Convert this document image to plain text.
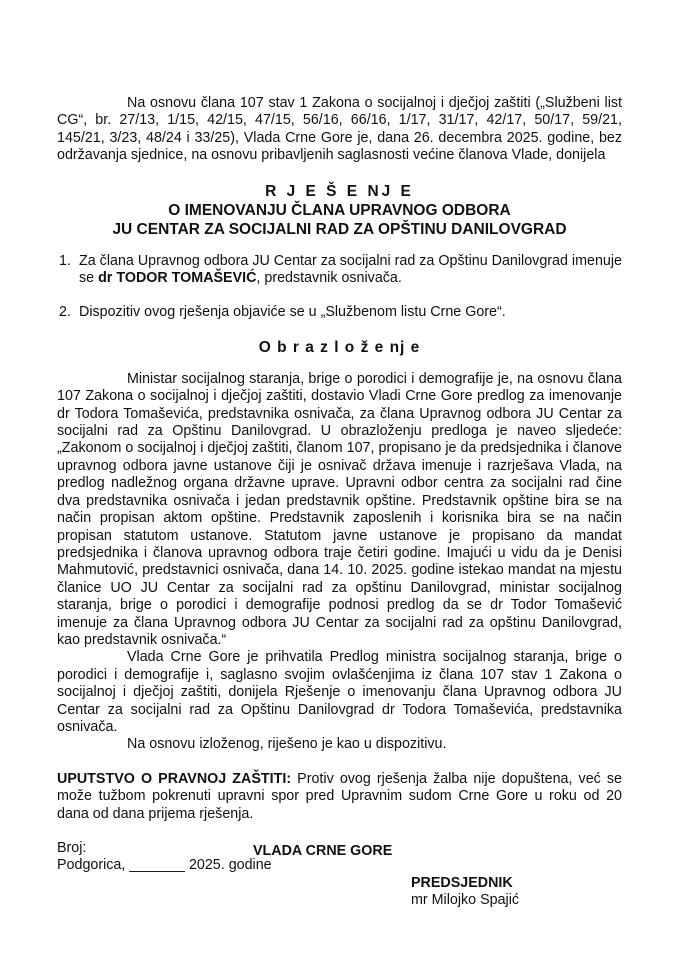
Na osnovu člana 107 stav 1 Zakona o socijalnoj i dječjoj zaštiti („Službeni list CG“, br. 27/13, 1/15, 42/15, 47/15, 56/16, 66/16, 1/17, 31/17, 42/17, 50/17, 59/21, 145/21, 3/23, 48/24 i 33/25), Vlada Crne Gore je, dana 26. decembra 2025. godine, bez održavanja sjednice, na osnovu pribavljenih saglasnosti većine članova Vlade, donijela

R J E Š E NJ E

O IMENOVANJU ČLANA UPRAVNOG ODBORA

JU CENTAR ZA SOCIJALNI RAD ZA OPŠTINU DANILOVGRAD

1. Za člana Upravnog odbora JU Centar za socijalni rad za Opštinu Danilovgrad imenuje se dr TODOR TOMAŠEVIĆ, predstavnik osnivača.
2. Dispozitiv ovog rješenja objaviće se u „Službenom listu Crne Gore“.

O b r a z l o ž e nj e

Ministar socijalnog staranja, brige o porodici i demografije je, na osnovu člana 107 Zakona o socijalnoj i dječjoj zaštiti, dostavio Vladi Crne Gore predlog za imenovanje dr Todora Tomaševića, predstavnika osnivača, za člana Upravnog odbora JU Centar za socijalni rad za Opštinu Danilovgrad. U obrazloženju predloga je naveo sljedeće: „Zakonom o socijalnoj i dječjoj zaštiti, članom 107, propisano je da predsjednika i članove upravnog odbora javne ustanove čiji je osnivač država imenuje i razrješava Vlada, na predlog nadležnog organa državne uprave. Upravni odbor centra za socijalni rad čine dva predstavnika osnivača i jedan predstavnik opštine. Predstavnik opštine bira se na način propisan aktom opštine. Predstavnik zaposlenih i korisnika bira se na način propisan statutom ustanove. Statutom javne ustanove je propisano da mandat predsjednika i članova upravnog odbora traje četiri godine. Imajući u vidu da je Denisi Mahmutović, predstavnici osnivača, dana 14. 10. 2025. godine istekao mandat na mjestu članice UO JU Centar za socijalni rad za opštinu Danilovgrad, ministar socijalnog staranja, brige o porodici i demografije podnosi predlog da se dr Todor Tomašević imenuje za člana Upravnog odbora JU Centar za socijalni rad za opštinu Danilovgrad, kao predstavnik osnivača.“

Vlada Crne Gore je prihvatila Predlog ministra socijalnog staranja, brige o porodici i demografije i, saglasno svojim ovlašćenjima iz člana 107 stav 1 Zakona o socijalnoj i dječjoj zaštiti, donijela Rješenje o imenovanju člana Upravnog odbora JU Centar za socijalni rad za Opštinu Danilovgrad dr Todora Tomaševića, predstavnika osnivača.

Na osnovu izloženog, riješeno je kao u dispozitivu.

UPUTSTVO O PRAVNOJ ZAŠTITI: Protiv ovog rješenja žalba nije dopuštena, već se može tužbom pokrenuti upravni spor pred Upravnim sudom Crne Gore u roku od 20 dana od dana prijema rješenja.

Broj:

Podgorica, _______ 2025. godine

VLADA CRNE GORE
PREDSJEDNIK
mr Milojko Spajić
